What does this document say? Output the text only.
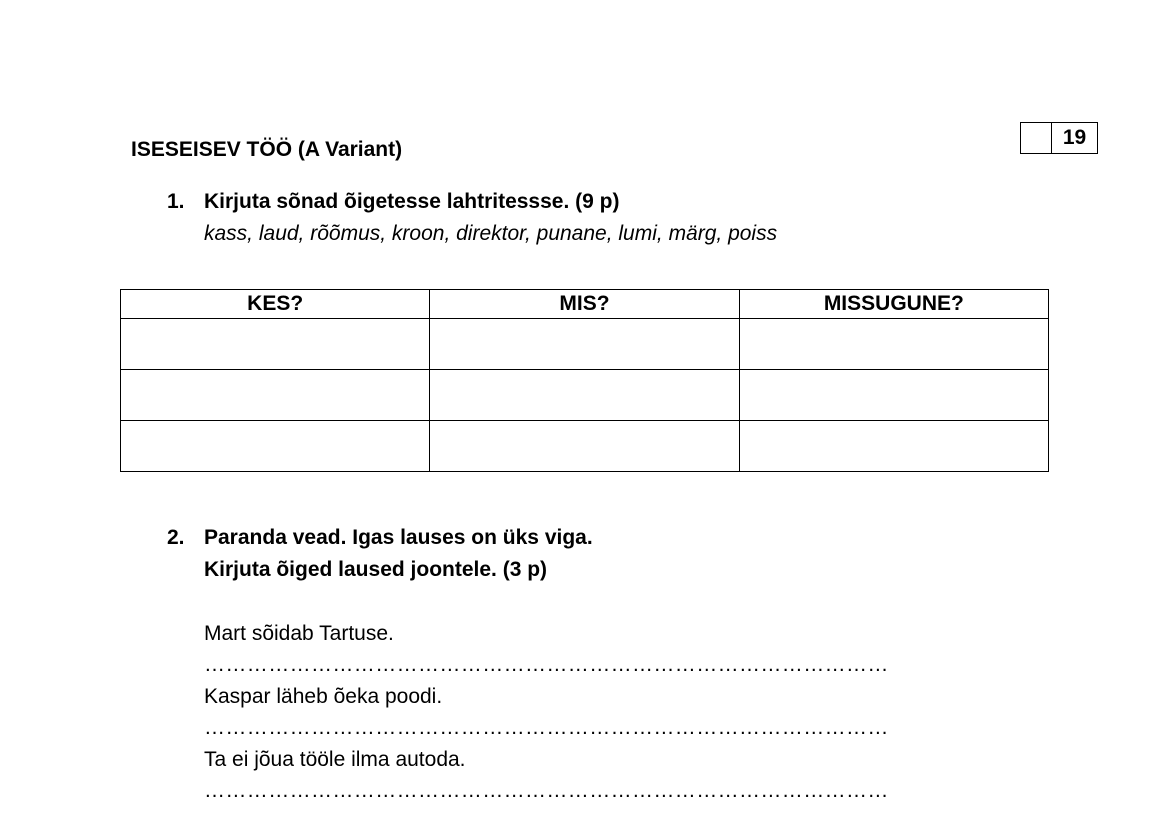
19
ISESEISEV TÖÖ (A Variant)
1. Kirjuta sõnad õigetesse lahtritessse. (9 p)
kass, laud, rõõmus, kroon, direktor, punane, lumi, märg, poiss
KES?	MIS?	MISSUGUNE?

2. Paranda vead. Igas lauses on üks viga.
Kirjuta õiged laused joontele. (3 p)
Mart sõidab Tartuse.
……………………………………………………………………………………
Kaspar läheb õeka poodi.
……………………………………………………………………………………
Ta ei jõua tööle ilma autoda.
……………………………………………………………………………………
